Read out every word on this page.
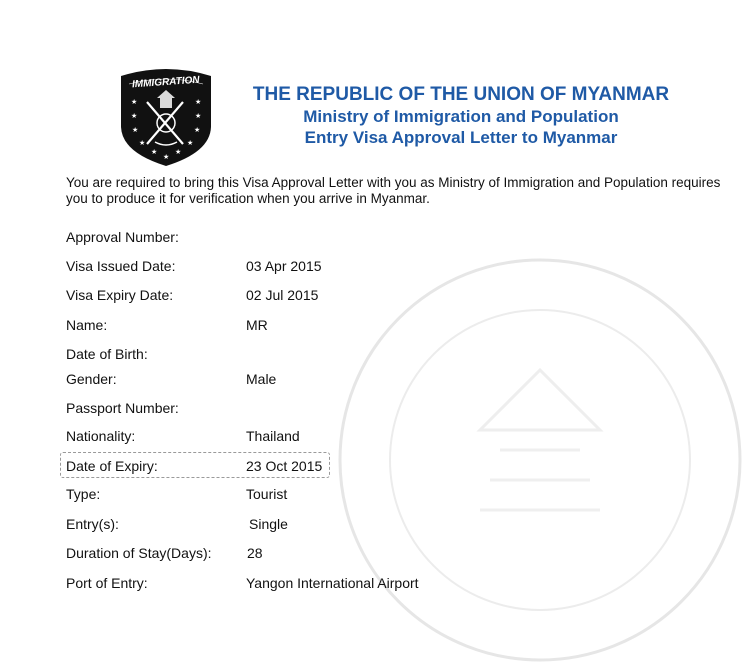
IMMIGRATION
★
★
★
★
★
★
★
★
★
★
★
THE REPUBLIC OF THE UNION OF MYANMAR
Ministry of Immigration and Population
Entry Visa Approval Letter to Myanmar
You are required to bring this Visa Approval Letter with you as Ministry of Immigration and Population requires you to produce it for verification when you arrive in Myanmar.
Approval Number:
Visa Issued Date:	03 Apr 2015
Visa Expiry Date:	02 Jul 2015
Name:	MR
Date of Birth:
Gender:	Male
Passport Number:
Nationality:	Thailand
Date of Expiry:	23 Oct 2015
Type:	Tourist
Entry(s):	Single
Duration of Stay(Days):	28
Port of Entry:	Yangon International Airport
